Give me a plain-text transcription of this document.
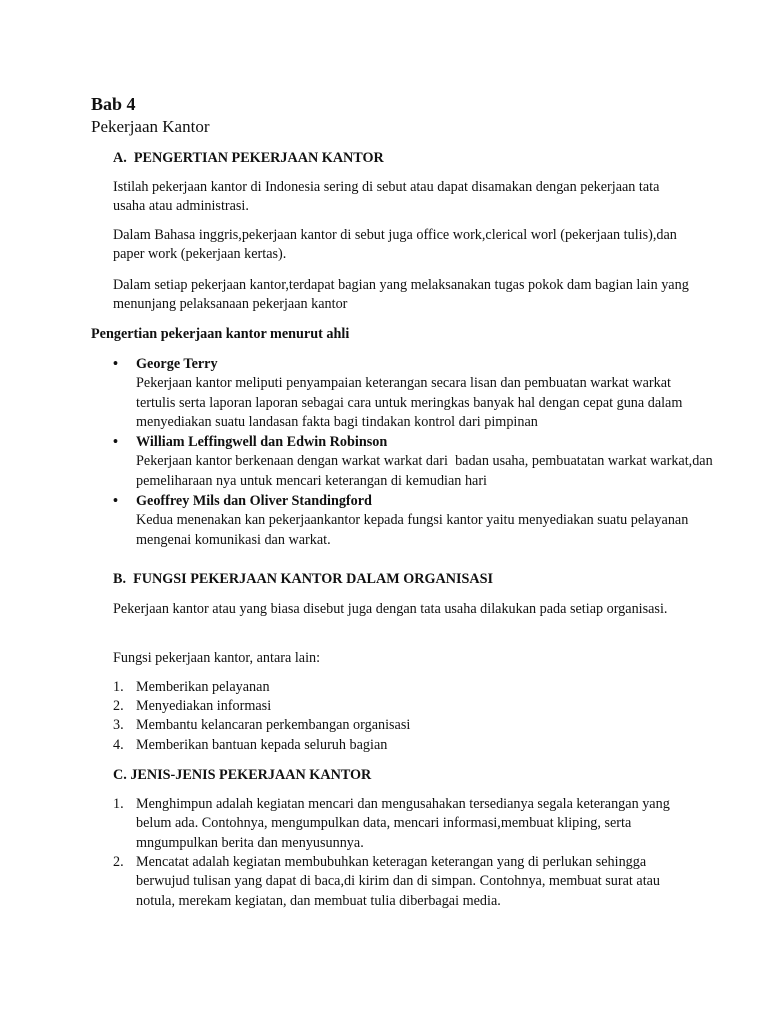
Bab 4
Pekerjaan Kantor
A.  PENGERTIAN PEKERJAAN KANTOR
Istilah pekerjaan kantor di Indonesia sering di sebut atau dapat disamakan dengan pekerjaan tata usaha atau administrasi.
Dalam Bahasa inggris,pekerjaan kantor di sebut juga office work,clerical worl (pekerjaan tulis),dan paper work (pekerjaan kertas).
Dalam setiap pekerjaan kantor,terdapat bagian yang melaksanakan tugas pokok dam bagian lain yang menunjang pelaksanaan pekerjaan kantor
Pengertian pekerjaan kantor menurut ahli
• George Terry
Pekerjaan kantor meliputi penyampaian keterangan secara lisan dan pembuatan warkat warkat tertulis serta laporan laporan sebagai cara untuk meringkas banyak hal dengan cepat guna dalam menyediakan suatu landasan fakta bagi tindakan kontrol dari pimpinan
• William Leffingwell dan Edwin Robinson
Pekerjaan kantor berkenaan dengan warkat warkat dari  badan usaha, pembuatatan warkat warkat,dan pemeliharaan nya untuk mencari keterangan di kemudian hari
• Geoffrey Mils dan Oliver Standingford
Kedua menenakan kan pekerjaankantor kepada fungsi kantor yaitu menyediakan suatu pelayanan mengenai komunikasi dan warkat.
B.  FUNGSI PEKERJAAN KANTOR DALAM ORGANISASI
Pekerjaan kantor atau yang biasa disebut juga dengan tata usaha dilakukan pada setiap organisasi.
Fungsi pekerjaan kantor, antara lain:
1. Memberikan pelayanan
2. Menyediakan informasi
3. Membantu kelancaran perkembangan organisasi
4. Memberikan bantuan kepada seluruh bagian
C. JENIS-JENIS PEKERJAAN KANTOR
1. Menghimpun adalah kegiatan mencari dan mengusahakan tersedianya segala keterangan yang belum ada. Contohnya, mengumpulkan data, mencari informasi,membuat kliping, serta mngumpulkan berita dan menyusunnya.
2. Mencatat adalah kegiatan membubuhkan keteragan keterangan yang di perlukan sehingga berwujud tulisan yang dapat di baca,di kirim dan di simpan. Contohnya, membuat surat atau notula, merekam kegiatan, dan membuat tulia diberbagai media.
